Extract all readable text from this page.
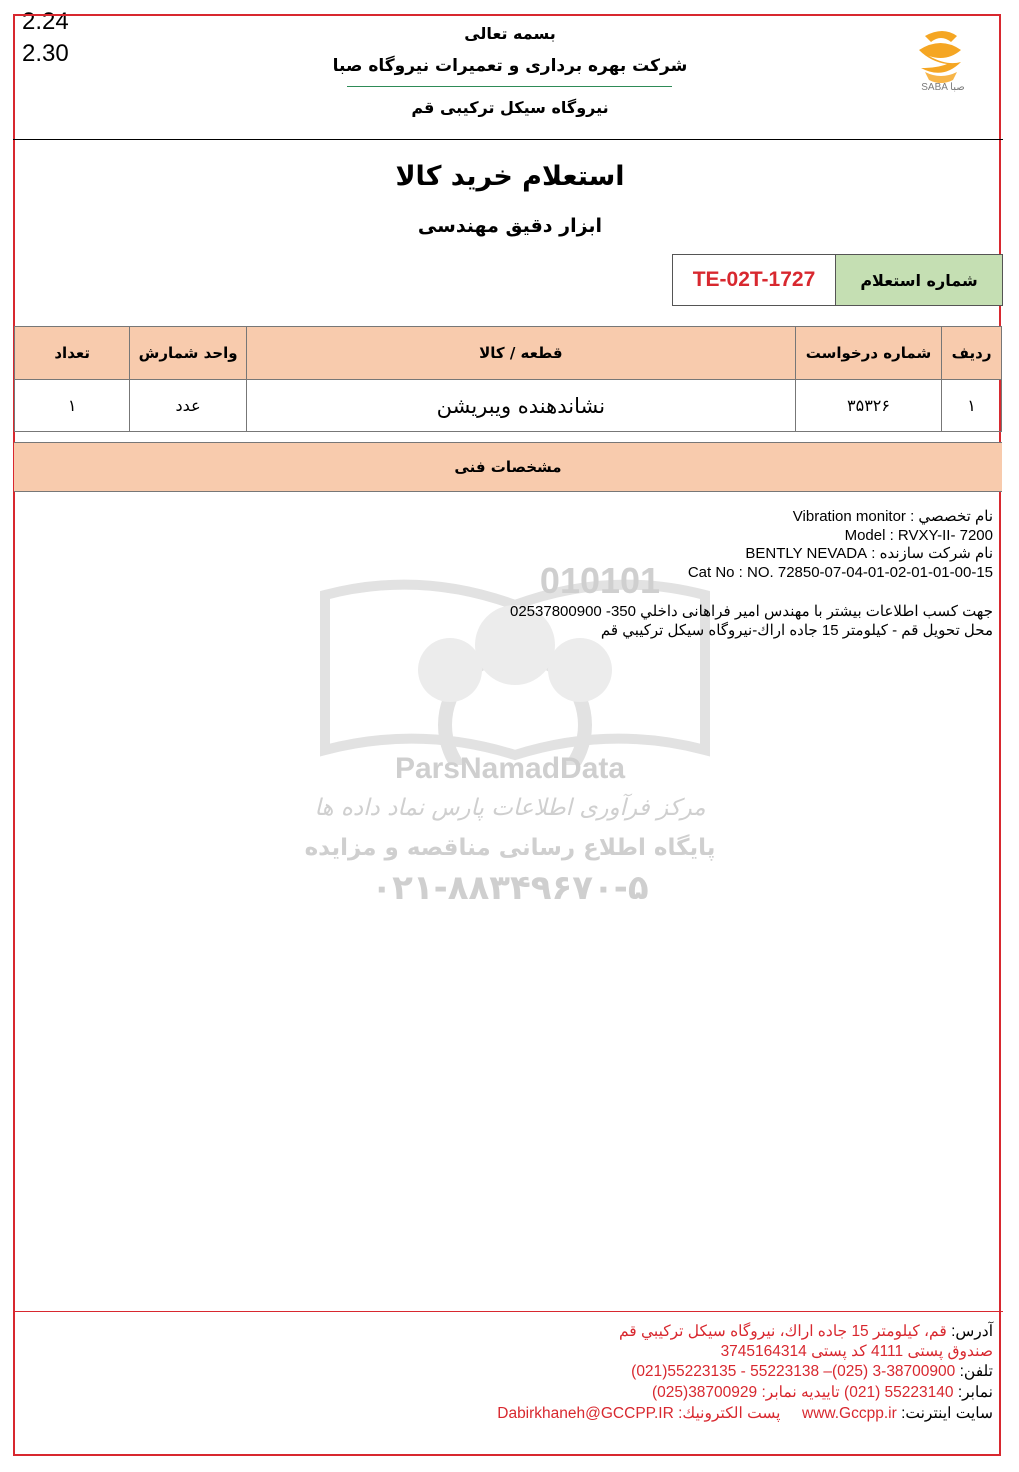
2.24
2.30
بسمه تعالی
شرکت بهره برداری و تعمیرات نیروگاه صبا
نیروگاه سیکل ترکیبی قم
SABA صبا
استعلام خرید کالا
ابزار دقیق مهندسی
شماره استعلام
TE-02T-1727
ردیف	شماره درخواست	قطعه / کالا	واحد شمارش	تعداد
۱	۳۵۳۲۶	نشاندهنده ویبریشن	عدد	۱
مشخصات فنی
010101
ParsNamadData
مرکز فرآوری اطلاعات پارس نماد داده ها
پایگاه اطلاع رسانی مناقصه و مزایده
۰۲۱-۸۸۳۴۹۶۷۰-۵
نام تخصصي : Vibration monitor
Model : RVXY-II- 7200
نام شركت سازنده : BENTLY NEVADA
Cat No : NO. 72850-07-04-01-02-01-01-00-15
جهت كسب اطلاعات بيشتر با مهندس امیر فراهانی داخلي 350- 02537800900
محل تحويل قم - كيلومتر 15 جاده اراك-نيروگاه سيكل تركيبي قم
آدرس: قم، كيلومتر 15 جاده اراك، نيروگاه سيكل تركيبي قم
صندوق پستی 4111 کد پستی 3745164314
تلفن: 38700900-3 (025)– 55223138 - 55223135(021)
نمابر: 55223140 (021) تاييديه نمابر: 38700929(025)
سایت اینترنت: www.Gccpp.ir     پست الكترونيك: Dabirkhaneh@GCCPP.IR
